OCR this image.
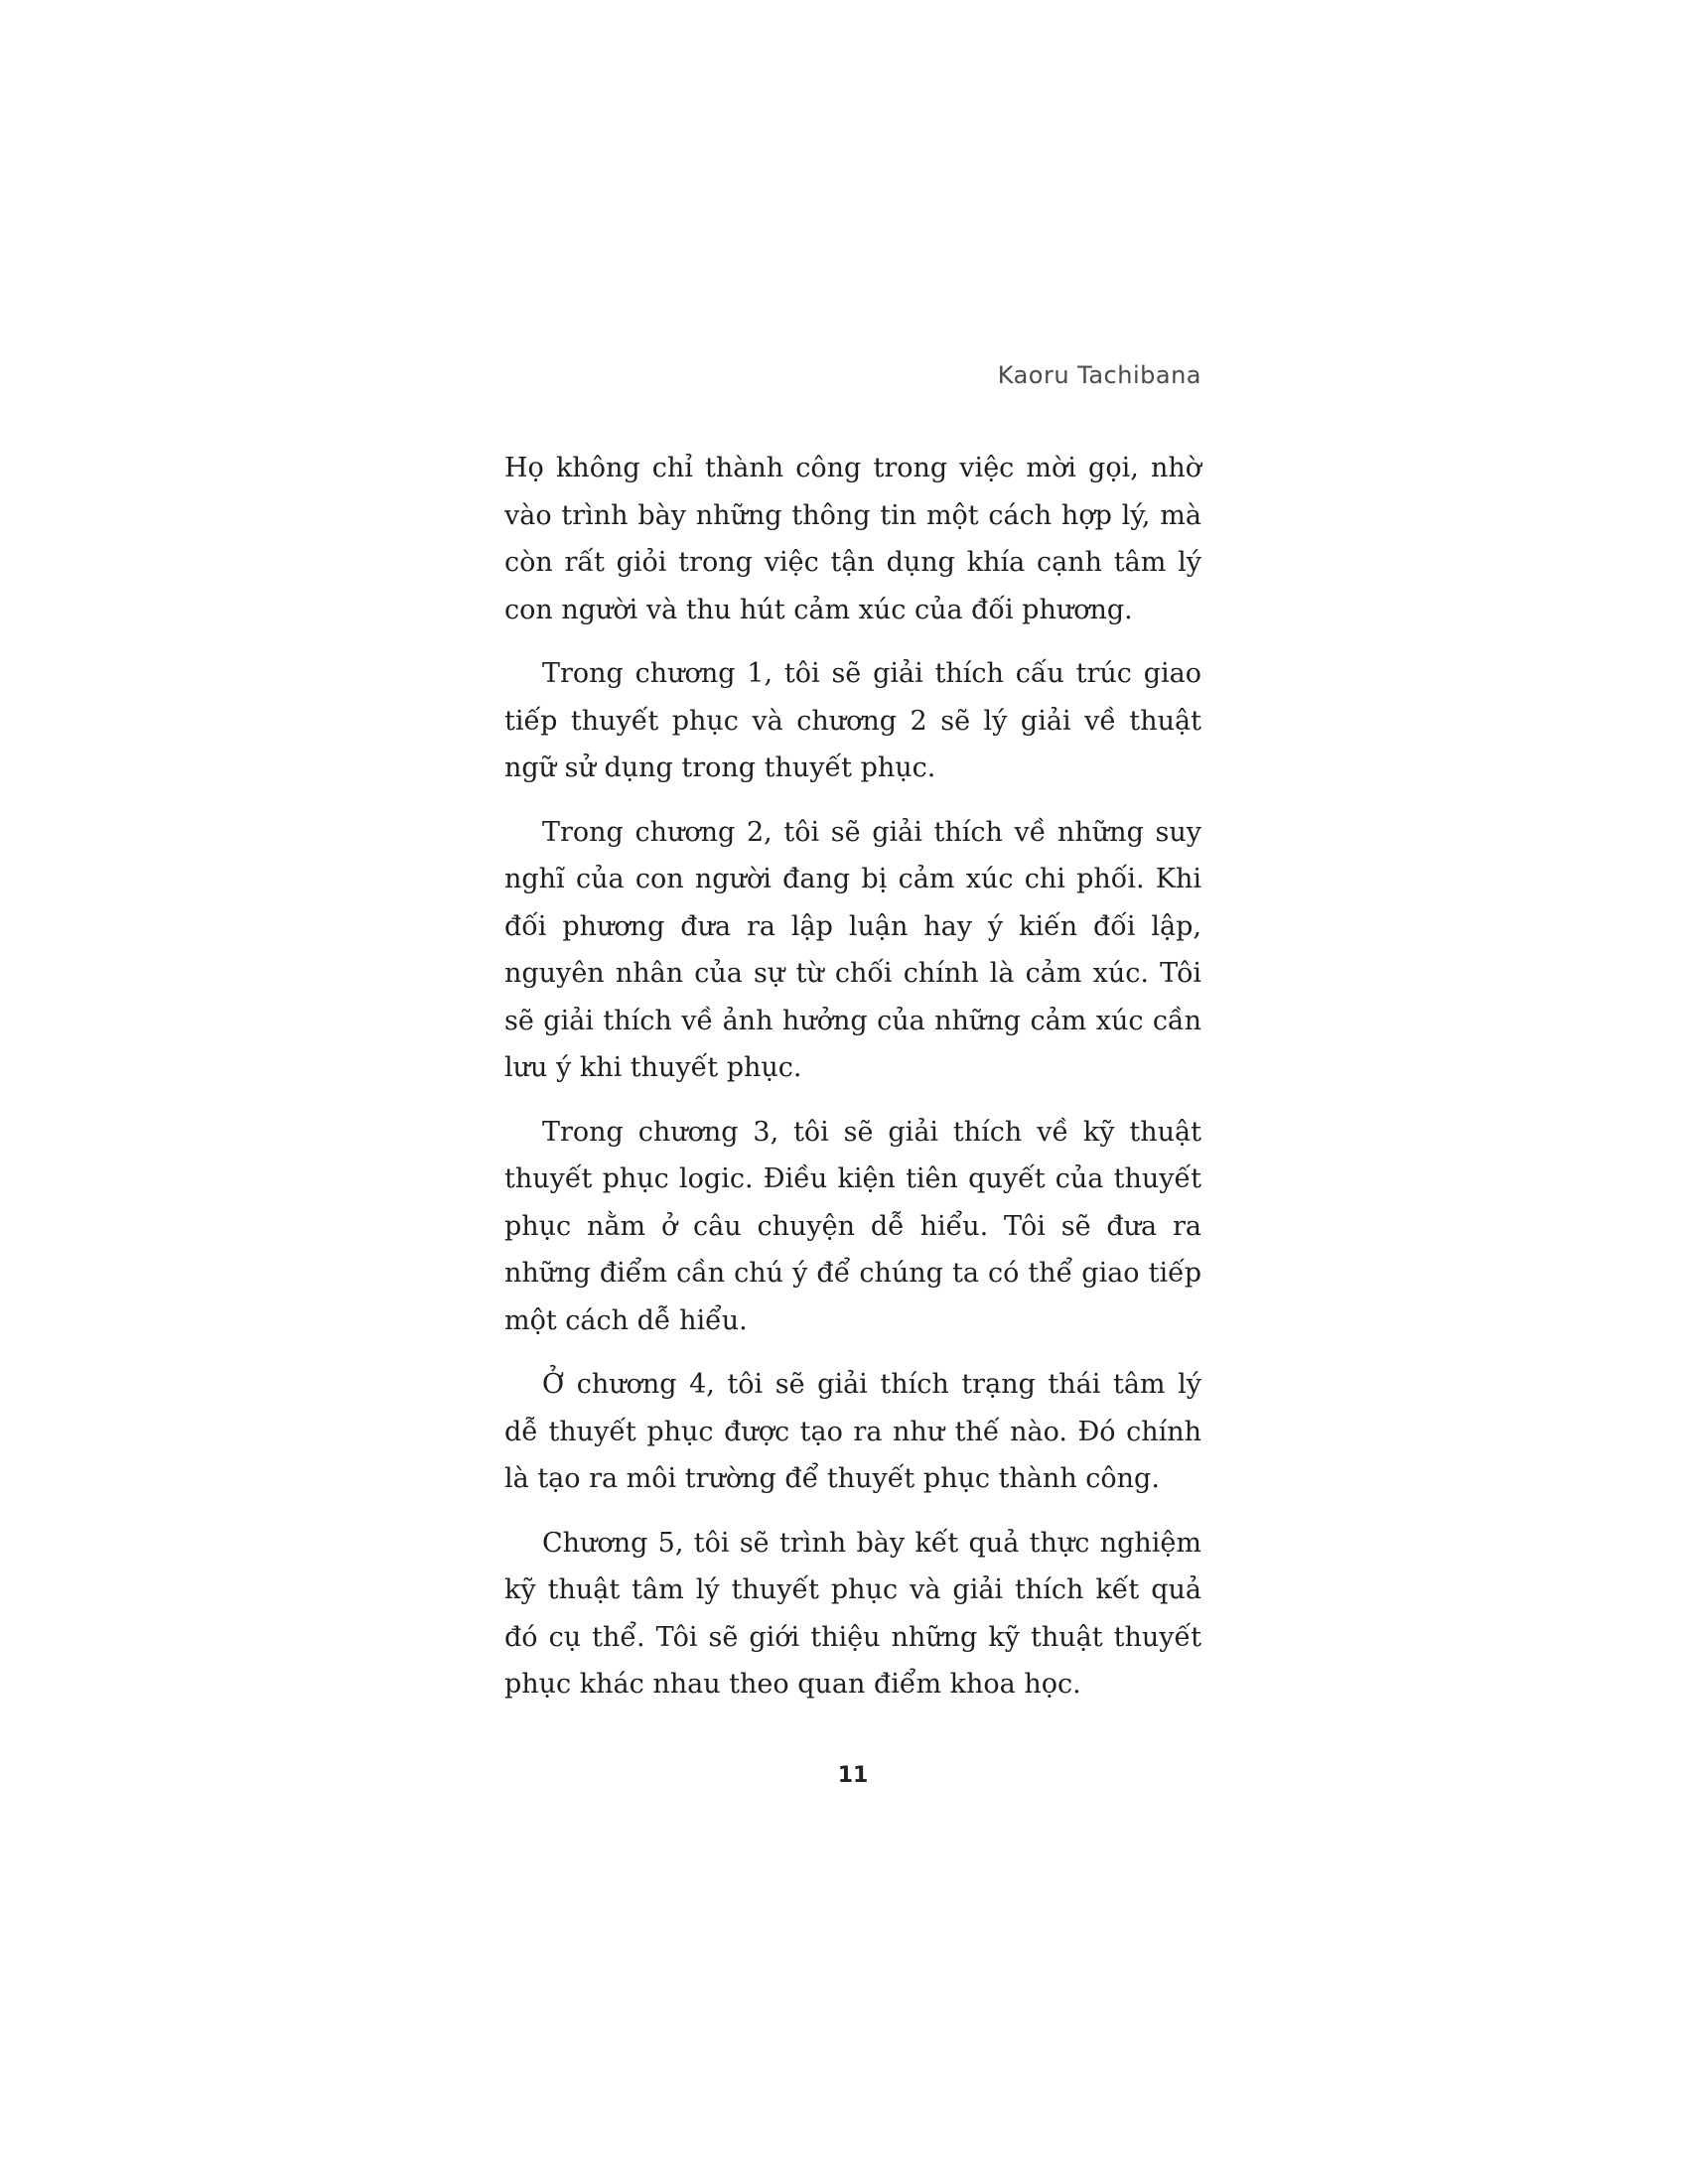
Kaoru Tachibana

Họ không chỉ thành công trong việc mời gọi, nhờ vào trình bày những thông tin một cách hợp lý, mà còn rất giỏi trong việc tận dụng khía cạnh tâm lý con người và thu hút cảm xúc của đối phương.

Trong chương 1, tôi sẽ giải thích cấu trúc giao tiếp thuyết phục và chương 2 sẽ lý giải về thuật ngữ sử dụng trong thuyết phục.

Trong chương 2, tôi sẽ giải thích về những suy nghĩ của con người đang bị cảm xúc chi phối. Khi đối phương đưa ra lập luận hay ý kiến đối lập, nguyên nhân của sự từ chối chính là cảm xúc. Tôi sẽ giải thích về ảnh hưởng của những cảm xúc cần lưu ý khi thuyết phục.

Trong chương 3, tôi sẽ giải thích về kỹ thuật thuyết phục logic. Điều kiện tiên quyết của thuyết phục nằm ở câu chuyện dễ hiểu. Tôi sẽ đưa ra những điểm cần chú ý để chúng ta có thể giao tiếp một cách dễ hiểu.

Ở chương 4, tôi sẽ giải thích trạng thái tâm lý dễ thuyết phục được tạo ra như thế nào. Đó chính là tạo ra môi trường để thuyết phục thành công.

Chương 5, tôi sẽ trình bày kết quả thực nghiệm kỹ thuật tâm lý thuyết phục và giải thích kết quả đó cụ thể. Tôi sẽ giới thiệu những kỹ thuật thuyết phục khác nhau theo quan điểm khoa học.

11
